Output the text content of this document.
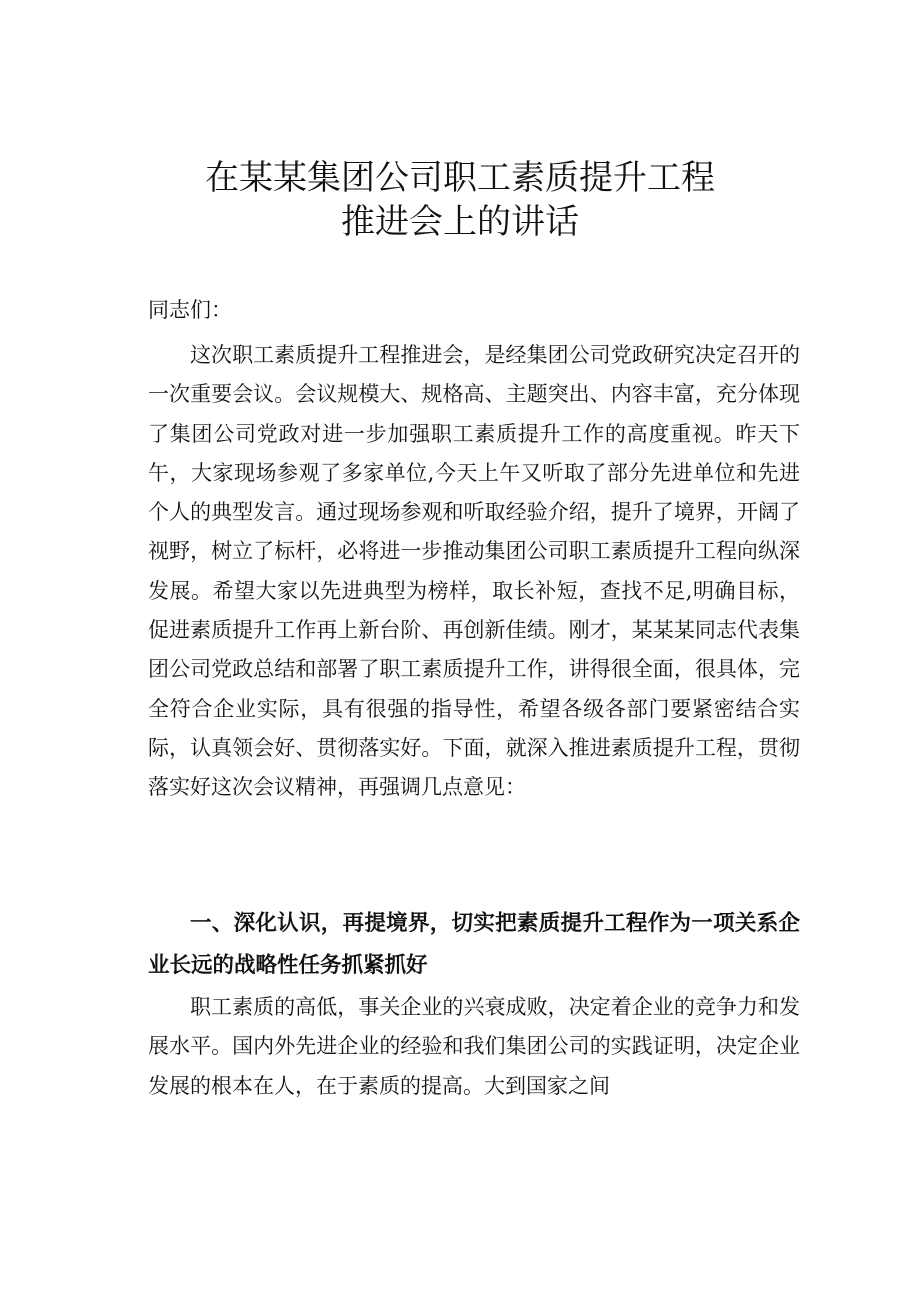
在某某集团公司职工素质提升工程
推进会上的讲话

同志们：

这次职工素质提升工程推进会，是经集团公司党政研究决定召开的一次重要会议。会议规模大、规格高、主题突出、内容丰富，充分体现了集团公司党政对进一步加强职工素质提升工作的高度重视。昨天下午，大家现场参观了多家单位,今天上午又听取了部分先进单位和先进个人的典型发言。通过现场参观和听取经验介绍，提升了境界，开阔了视野，树立了标杆，必将进一步推动集团公司职工素质提升工程向纵深发展。希望大家以先进典型为榜样，取长补短，查找不足,明确目标，促进素质提升工作再上新台阶、再创新佳绩。刚才，某某某同志代表集团公司党政总结和部署了职工素质提升工作，讲得很全面，很具体，完全符合企业实际，具有很强的指导性，希望各级各部门要紧密结合实际，认真领会好、贯彻落实好。下面，就深入推进素质提升工程，贯彻落实好这次会议精神，再强调几点意见：

一、深化认识，再提境界，切实把素质提升工程作为一项关系企业长远的战略性任务抓紧抓好

职工素质的高低，事关企业的兴衰成败，决定着企业的竞争力和发展水平。国内外先进企业的经验和我们集团公司的实践证明，决定企业发展的根本在人，在于素质的提高。大到国家之间
